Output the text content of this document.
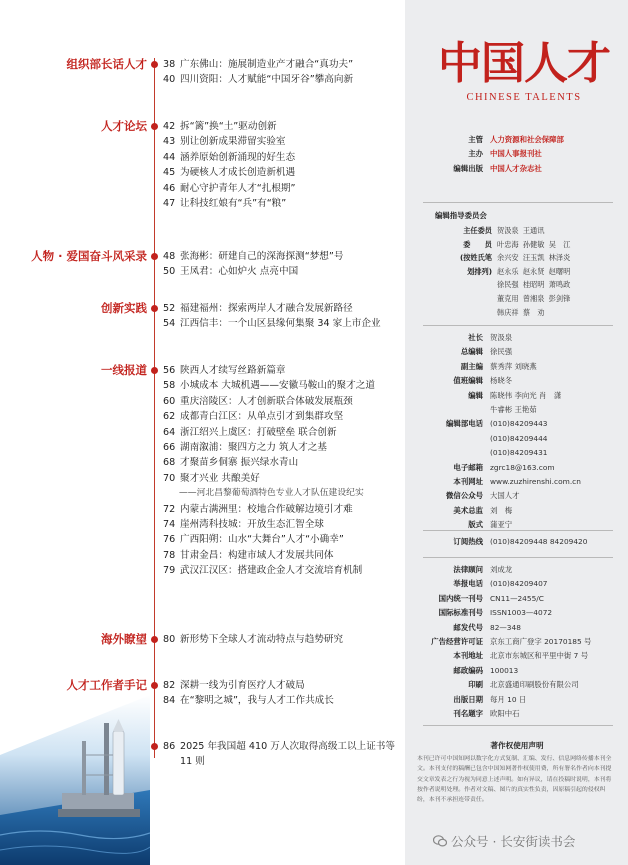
组织部长话人才 38 广东佛山：施展制造业产才融合“真功夫”
40 四川资阳：人才赋能“中国牙谷”攀高向新
人才论坛 42 拆“篱”换“土”驱动创新
43 别让创新成果滞留实验室
44 涵养原始创新涌现的好生态
45 为硬核人才成长创造新机遇
46 耐心守护青年人才“扎根期”
47 让科技红娘有“兵”有“粮”
人物 · 爱国奋斗风采录 48 张海彬：研建自己的深海探测“梦想”号
50 王凤君：心如炉火 点亮中国
创新实践 52 福建福州：探索两岸人才融合发展新路径
54 江西信丰：一个山区县缘何集聚 34 家上市企业
一线报道 56 陕西人才续写丝路新篇章
58 小城成本 大城机遇——安徽马鞍山的聚才之道
60 重庆涪陵区：人才创新联合体破发展瓶颈
62 成都青白江区：从单点引才到集群攻坚
64 浙江绍兴上虞区：打破壁垒 联合创新
66 湖南溆浦：聚四方之力 筑人才之基
68 才聚苗乡侗寨 振兴绿水青山
70 聚才兴业 共酿美好
——河北昌黎葡萄酒特色专业人才队伍建设纪实
72 内蒙古满洲里：校地合作破解边境引才难
74 崖州湾科技城：开放生态汇智全球
76 广西阳朔：山水“大舞台”人才“小确幸”
78 甘肃金昌：构建市域人才发展共同体
79 武汉江汉区：搭建政企金人才交流培育机制
海外瞭望 80 新形势下全球人才流动特点与趋势研究
人才工作者手记 82 深耕一线为引育医疗人才破局
84 在“黎明之城”，我与人才工作共成长
86 2025 年我国超 410 万人次取得高级工以上证书等
11 则
中国人才
CHINESE TALENTS
主管 人力资源和社会保障部
主办 中国人事报刊社
编辑出版 中国人才杂志社
编辑指导委员会
主任委员 贺汲泉 王通讯
委　　员 叶忠海 孙健敏 吴　江
(按姓氏笔 余兴安 汪玉凯 林泽炎
划排列) 赵永乐 赵永贤 赵曙明
徐民强 桂昭明 萧鸣政
董克用 曾湘泉 彭剑锋
韩庆祥 蔡　劝
社长 贺汲泉
总编辑 徐民强
副主编 蔡秀萍 刘晓燕
值班编辑 杨晓冬
编辑 陈晓伟 李向光 肖　潇
牛睿彬 王艳茹
编辑部电话 (010)84209443
(010)84209444
(010)84209431
电子邮箱 zgrc18@163.com
本刊网址 www.zuzhirenshi.com.cn
微信公众号 大国人才
美术总监 刘　梅
版式 蒲亚宁
订阅热线 (010)84209448 84209420
法律顾问 刘成龙
举报电话 (010)84209407
国内统一刊号 CN11—2455/C
国际标准刊号 ISSN1003—4072
邮发代号 82—348
广告经营许可证 京东工商广登字 20170185 号
本刊地址 北京市东城区和平里中街 7 号
邮政编码 100013
印刷 北京盛通印刷股份有限公司
出版日期 每月 10 日
刊名题字 欧阳中石
著作权使用声明
本刊已许可中国知网以数字化方式复制、汇编、发行、信息网络传播本刊全文。本刊支付的稿酬已包含中国知网著作权使用费，所有署名作者向本刊提交文章发表之行为视为同意上述声明。如有异议，请在投稿时说明，本刊将按作者说明处理。作者对文稿、图片的真实性负责，因原稿引起的侵权纠纷，本刊不承担连带责任。
公众号 · 长安街读书会
